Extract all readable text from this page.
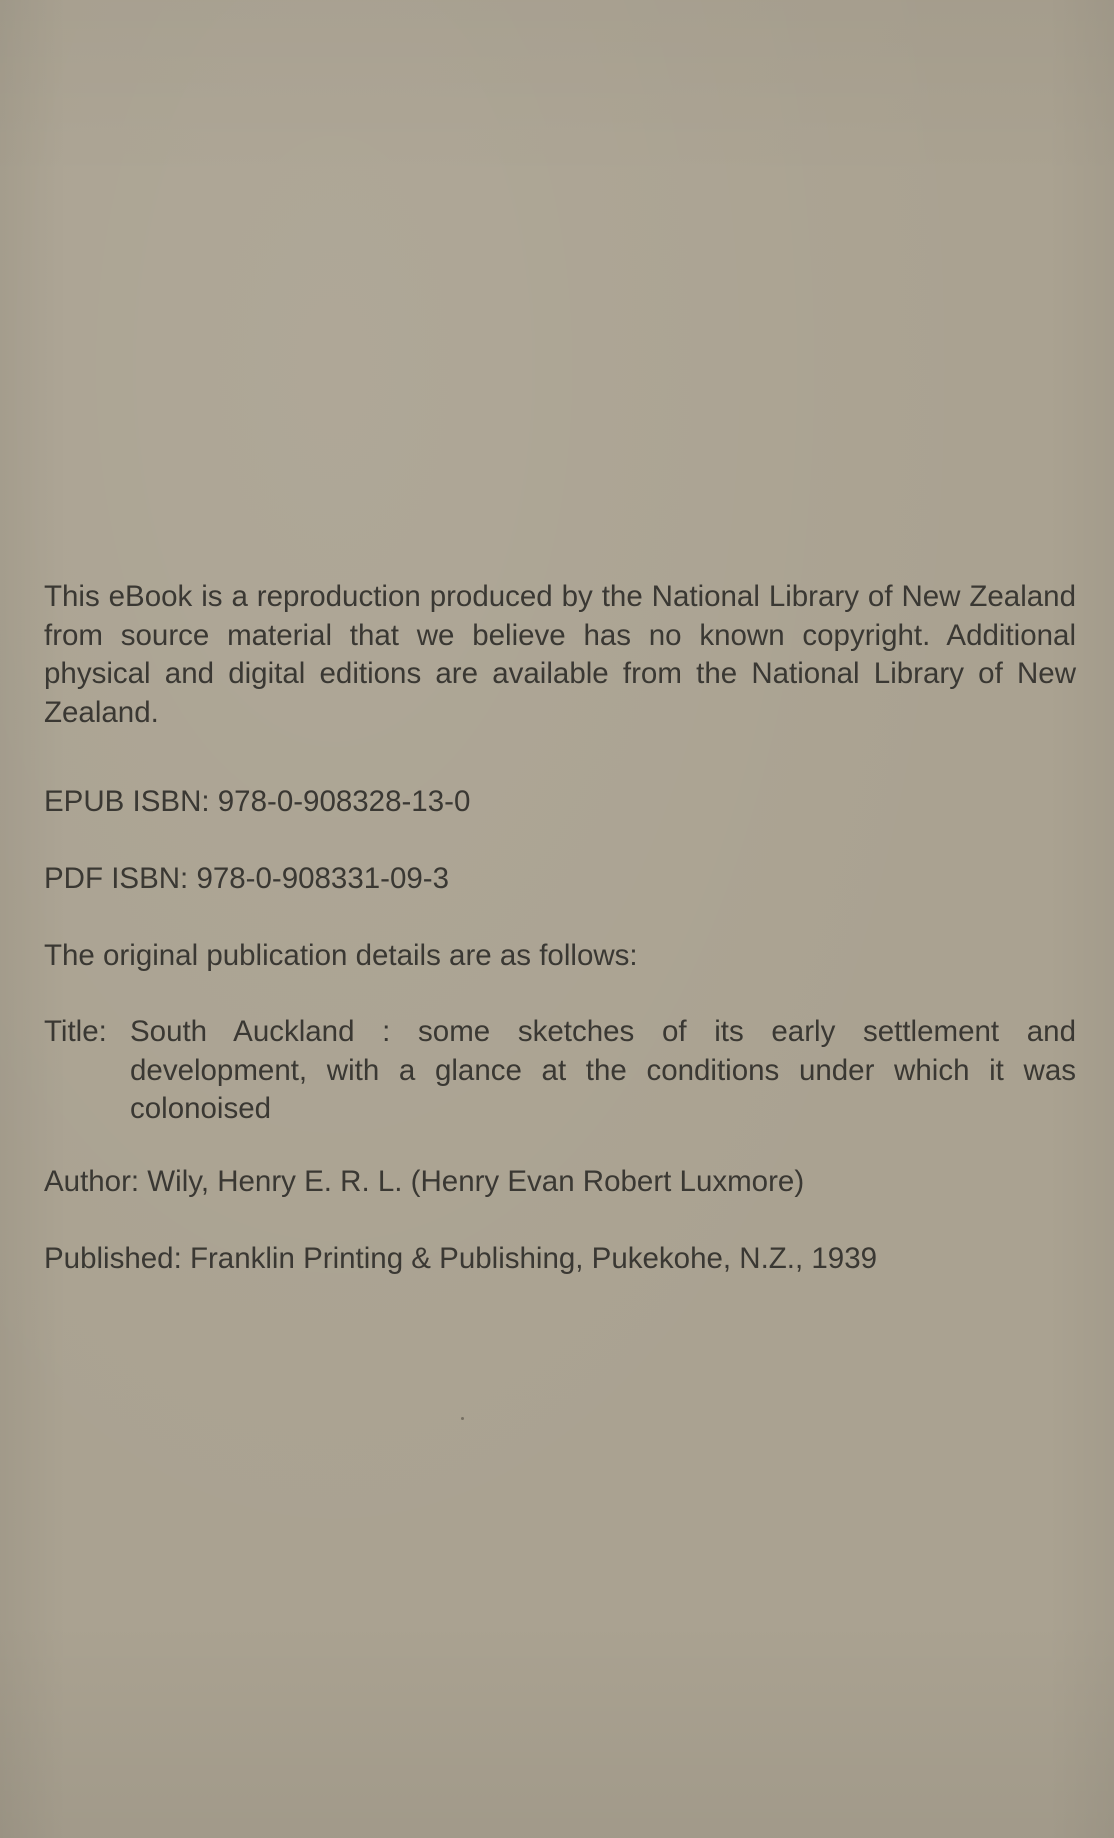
This eBook is a reproduction produced by the National Library of New Zealand from source material that we believe has no known copyright. Additional physical and digital editions are available from the National Library of New Zealand.

EPUB ISBN: 978-0-908328-13-0
PDF ISBN: 978-0-908331-09-3
The original publication details are as follows:
Title: South Auckland : some sketches of its early settlement and development, with a glance at the conditions under which it was colonoised
Author: Wily, Henry E. R. L. (Henry Evan Robert Luxmore)
Published: Franklin Printing & Publishing, Pukekohe, N.Z., 1939
